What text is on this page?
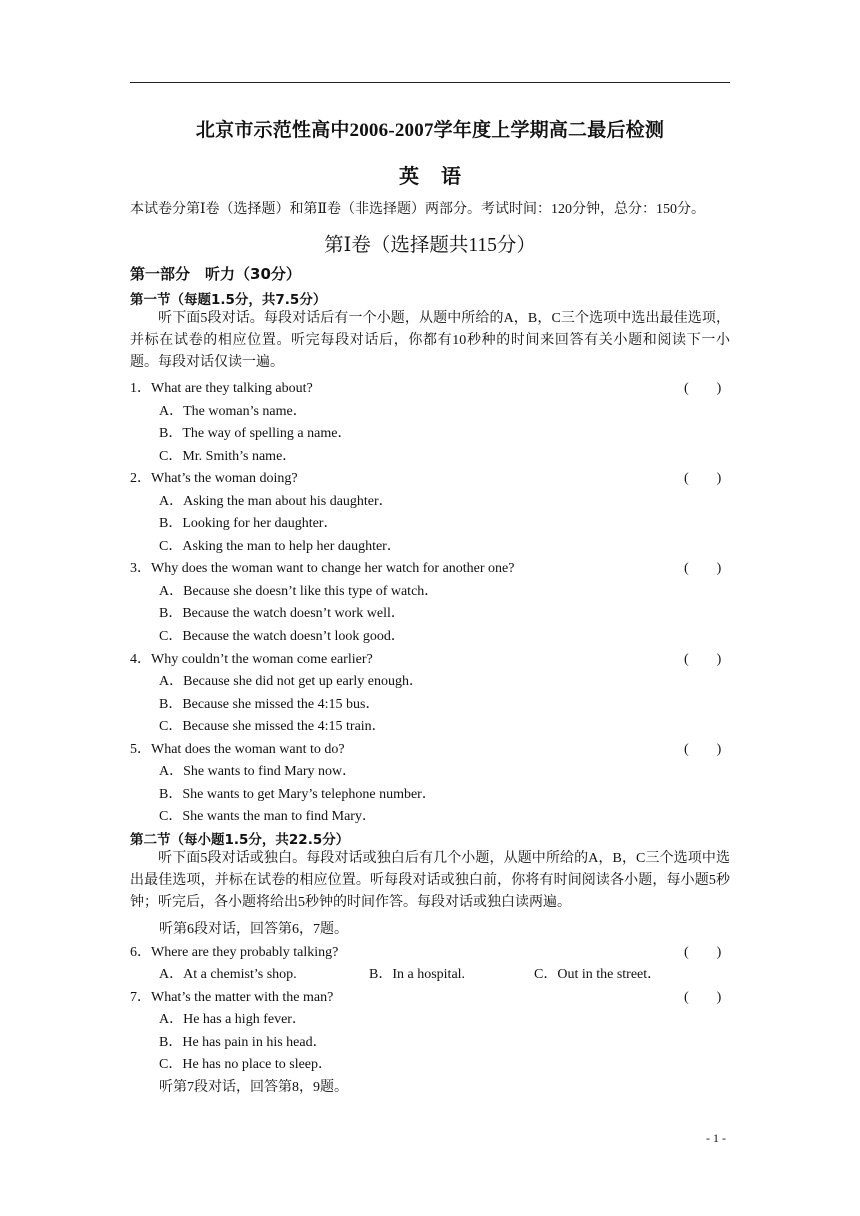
北京市示范性高中2006-2007学年度上学期高二最后检测
英语
本试卷分第Ⅰ卷（选择题）和第Ⅱ卷（非选择题）两部分。考试时间：120分钟，总分：150分。
第Ⅰ卷（选择题共115分）
第一部分　听力（30分）
第一节（每题1.5分，共7.5分）
听下面5段对话。每段对话后有一个小题，从题中所给的A，B，C三个选项中选出最佳选项，并标在试卷的相应位置。听完每段对话后，你都有10秒种的时间来回答有关小题和阅读下一小题。每段对话仅读一遍。
1．What are they talking about?	(　　)
A．The woman’s name．
B．The way of spelling a name．
C．Mr. Smith’s name．
2．What’s the woman doing?	(　　)
A．Asking the man about his daughter．
B．Looking for her daughter．
C．Asking the man to help her daughter．
3．Why does the woman want to change her watch for another one?	(　　)
A．Because she doesn’t like this type of watch．
B．Because the watch doesn’t work well．
C．Because the watch doesn’t look good．
4．Why couldn’t the woman come earlier?	(　　)
A．Because she did not get up early enough．
B．Because she missed the 4:15 bus．
C．Because she missed the 4:15 train．
5．What does the woman want to do?	(　　)
A．She wants to find Mary now．
B．She wants to get Mary’s telephone number．
C．She wants the man to find Mary．
第二节（每小题1.5分，共22.5分）
听下面5段对话或独白。每段对话或独白后有几个小题，从题中所给的A，B，C三个选项中选出最佳选项，并标在试卷的相应位置。听每段对话或独白前，你将有时间阅读各小题，每小题5秒钟；听完后，各小题将给出5秒钟的时间作答。每段对话或独白读两遍。
听第6段对话，回答第6，7题。
6．Where are they probably talking?	(　　)
A．At a chemist’s shop.	B．In a hospital.	C．Out in the street．
7．What’s the matter with the man?	(　　)
A．He has a high fever．
B．He has pain in his head．
C．He has no place to sleep．
听第7段对话，回答第8，9题。
- 1 -
